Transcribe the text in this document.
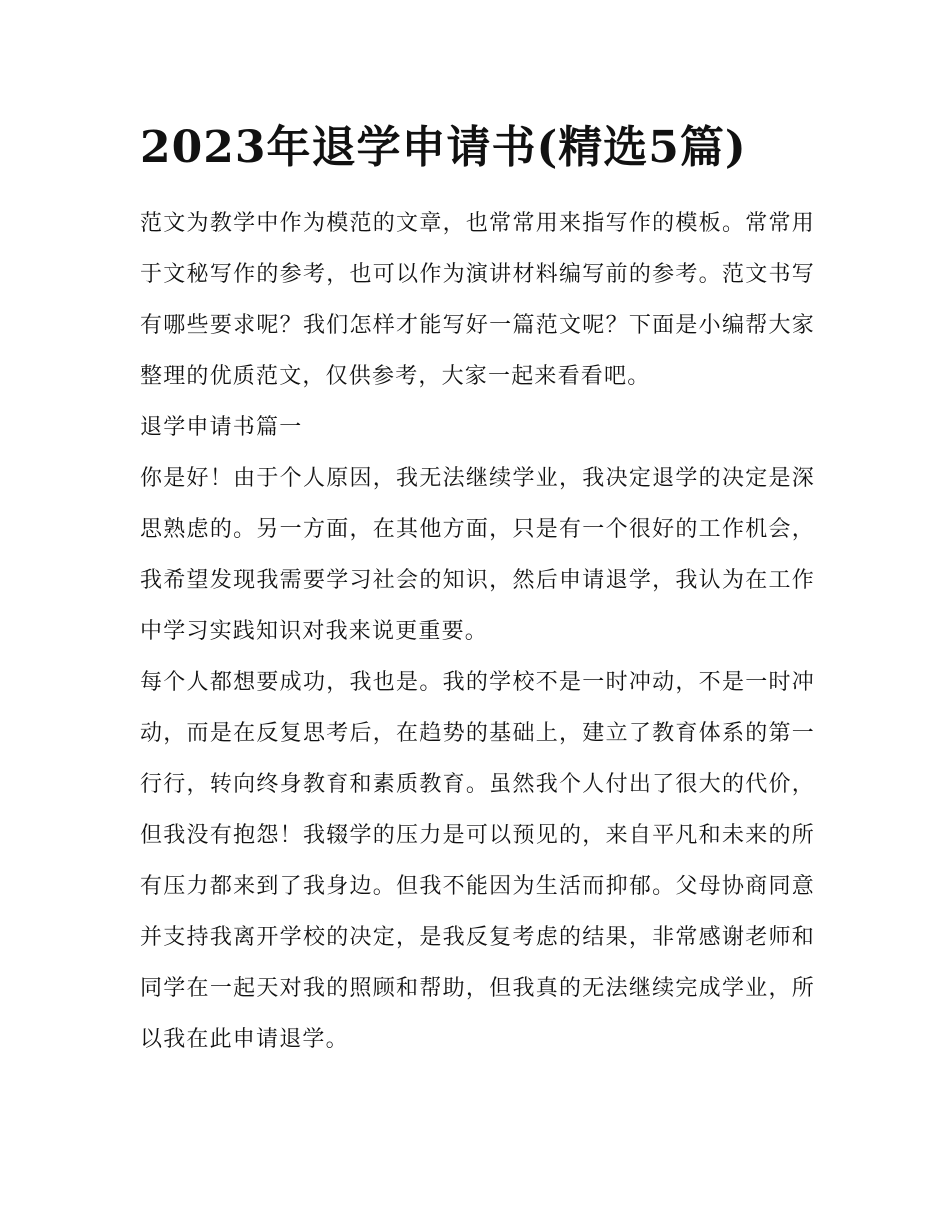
2023年退学申请书(精选5篇)

范文为教学中作为模范的文章，也常常用来指写作的模板。常常用于文秘写作的参考，也可以作为演讲材料编写前的参考。范文书写有哪些要求呢？我们怎样才能写好一篇范文呢？下面是小编帮大家整理的优质范文，仅供参考，大家一起来看看吧。

退学申请书篇一

你是好！由于个人原因，我无法继续学业，我决定退学的决定是深思熟虑的。另一方面，在其他方面，只是有一个很好的工作机会，我希望发现我需要学习社会的知识，然后申请退学，我认为在工作中学习实践知识对我来说更重要。

每个人都想要成功，我也是。我的学校不是一时冲动，不是一时冲动，而是在反复思考后，在趋势的基础上，建立了教育体系的第一行行，转向终身教育和素质教育。虽然我个人付出了很大的代价，但我没有抱怨！我辍学的压力是可以预见的，来自平凡和未来的所有压力都来到了我身边。但我不能因为生活而抑郁。父母协商同意并支持我离开学校的决定，是我反复考虑的结果，非常感谢老师和同学在一起天对我的照顾和帮助，但我真的无法继续完成学业，所以我在此申请退学。
